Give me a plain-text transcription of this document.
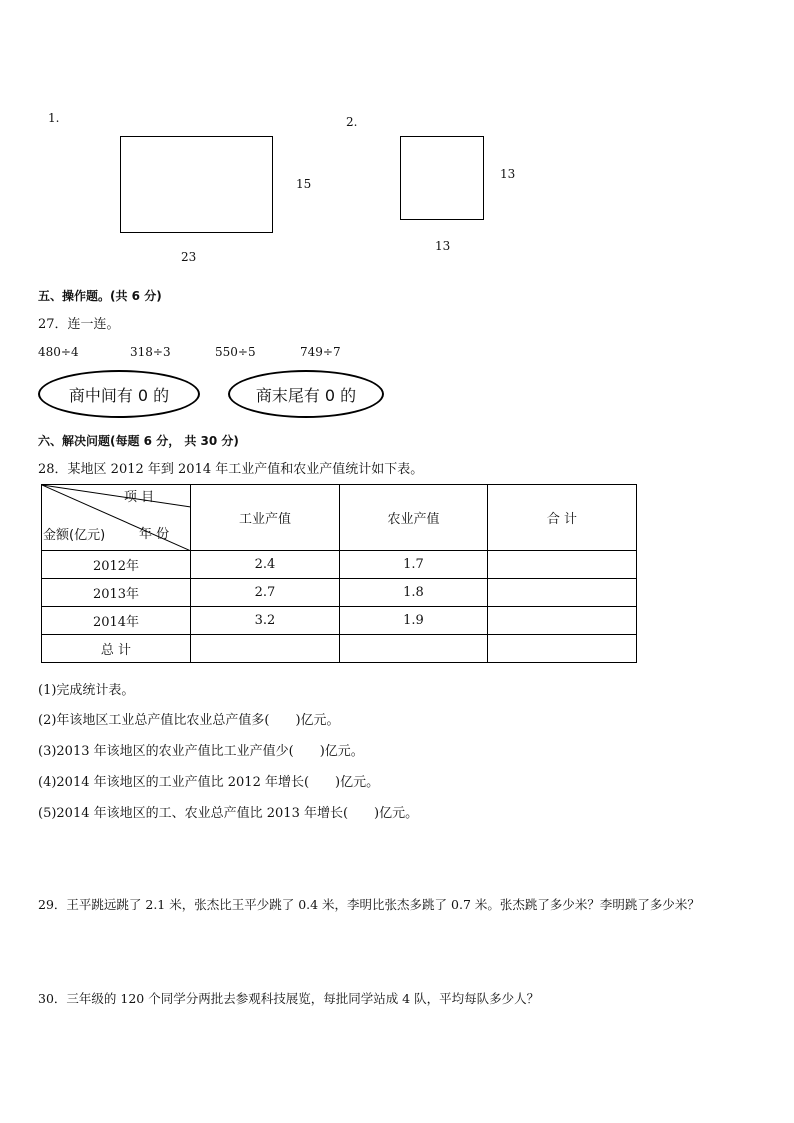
1.
15
23
2.
13
13
五、操作题。(共 6 分)
27．连一连。
480÷4	318÷3	550÷5	749÷7
商中间有 0 的	商末尾有 0 的
六、解决问题(每题 6 分， 共 30 分)
28．某地区 2012 年到 2014 年工业产值和农业产值统计如下表。
项 目
年 份
金额(亿元)	工业产值	农业产值	合 计
2012年	2.4	1.7	
2013年	2.7	1.8	
2014年	3.2	1.9	
总 计			
(1)完成统计表。
(2)年该地区工业总产值比农业总产值多(　　)亿元。
(3)2013 年该地区的农业产值比工业产值少(　　)亿元。
(4)2014 年该地区的工业产值比 2012 年增长(　　)亿元。
(5)2014 年该地区的工、农业总产值比 2013 年增长(　　)亿元。
29．王平跳远跳了 2.1 米，张杰比王平少跳了 0.4 米，李明比张杰多跳了 0.7 米。张杰跳了多少米？李明跳了多少米？
30．三年级的 120 个同学分两批去参观科技展览，每批同学站成 4 队，平均每队多少人？
